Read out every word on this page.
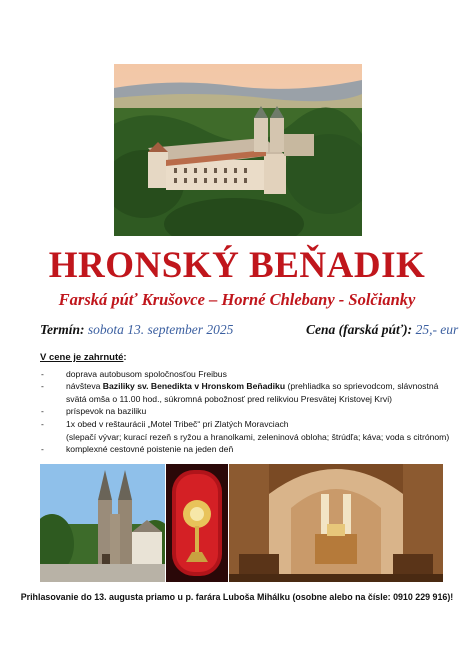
HRONSKÝ BEŇADIK
Farská púť Krušovce – Horné Chlebany - Solčianky
Termín: sobota 13. september 2025	Cena (farská púť): 25,- eur
V cene je zahrnuté:
- doprava autobusom spoločnosťou Freibus
- návšteva Baziliky sv. Benedikta v Hronskom Beňadiku (prehliadka so sprievodcom, slávnostná svätá omša o 11.00 hod., súkromná pobožnosť pred relikviou Presvätej Kristovej Krvi)
- príspevok na baziliku
- 1x obed v reštaurácii „Motel Tribeč“ pri Zlatých Moravciach
(slepačí vývar; kurací rezeň s ryžou a hranolkami, zeleninová obloha; štrúdľa; káva; voda s citrónom)
- komplexné cestovné poistenie na jeden deň
Prihlasovanie do 13. augusta priamo u p. farára Luboša Mihálku (osobne alebo na čísle: 0910 229 916)!
